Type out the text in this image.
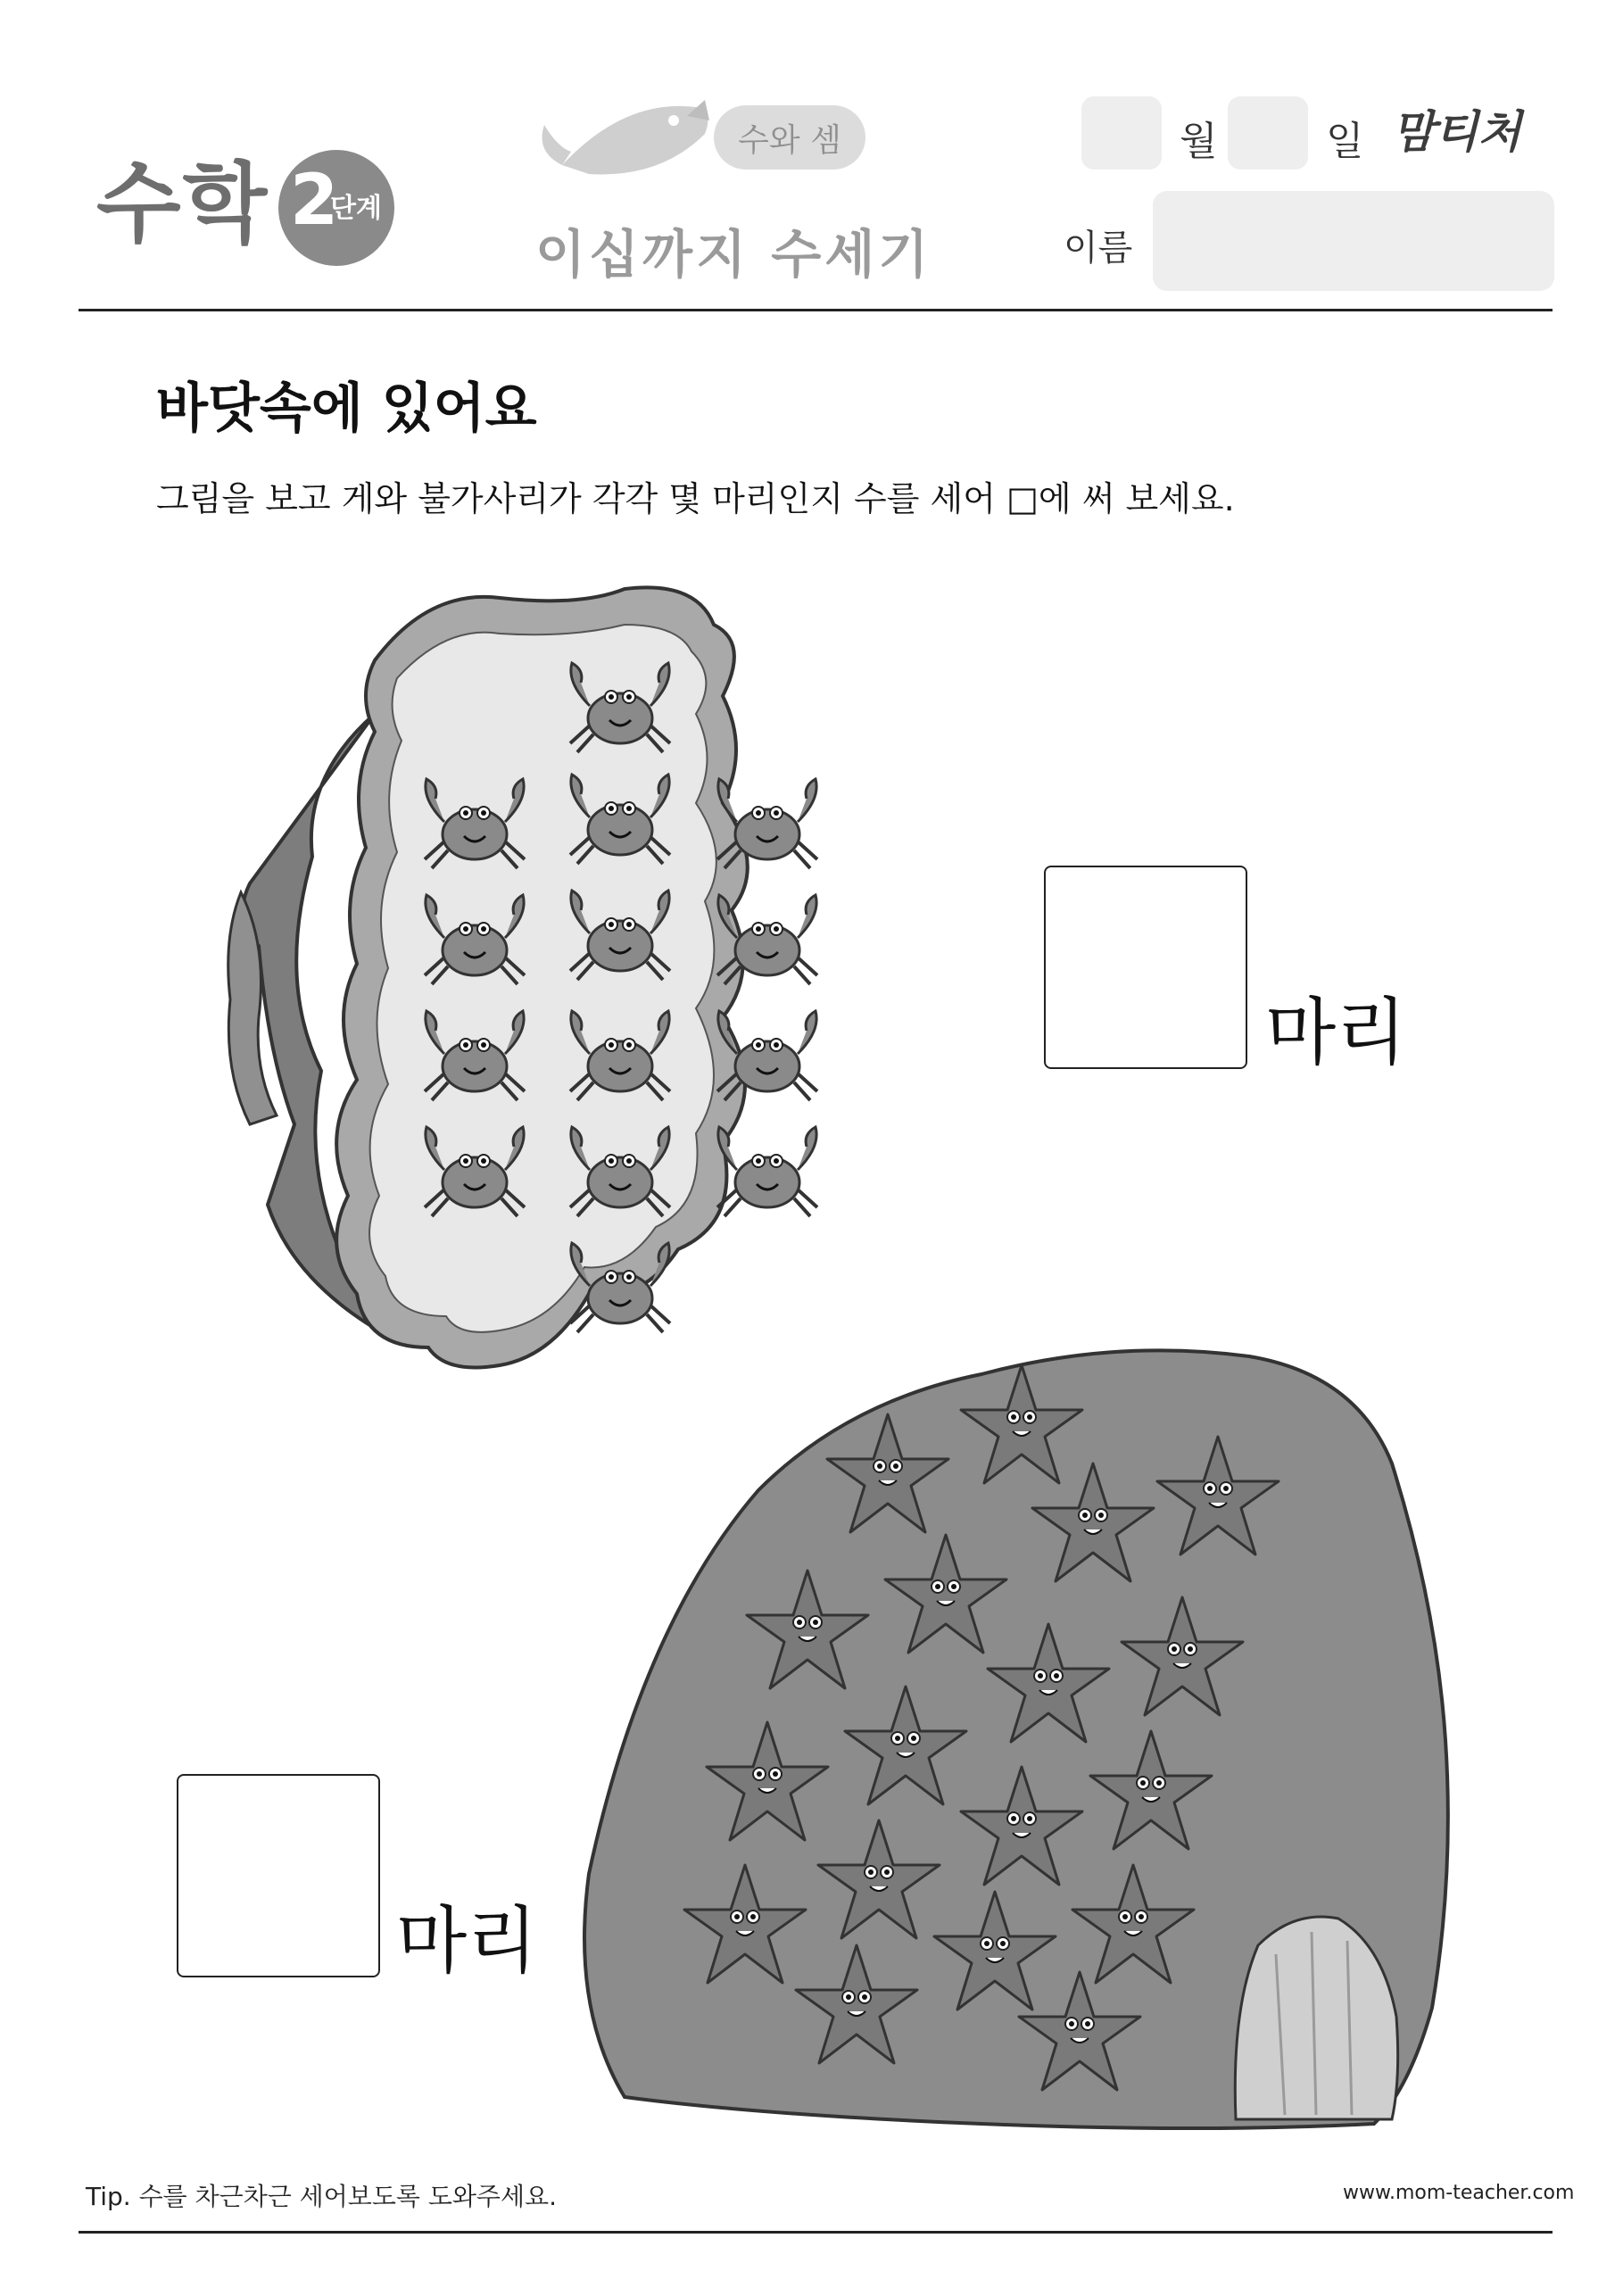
수학 2
단계
수와 셈
이십까지 수세기
월	일 맘티처
이름
바닷속에 있어요
그림을 보고 게와 불가사리가 각각 몇 마리인지 수를 세어 □에 써 보세요.
마리
마리
Tip. 수를 차근차근 세어보도록 도와주세요.	www.mom-teacher.com
